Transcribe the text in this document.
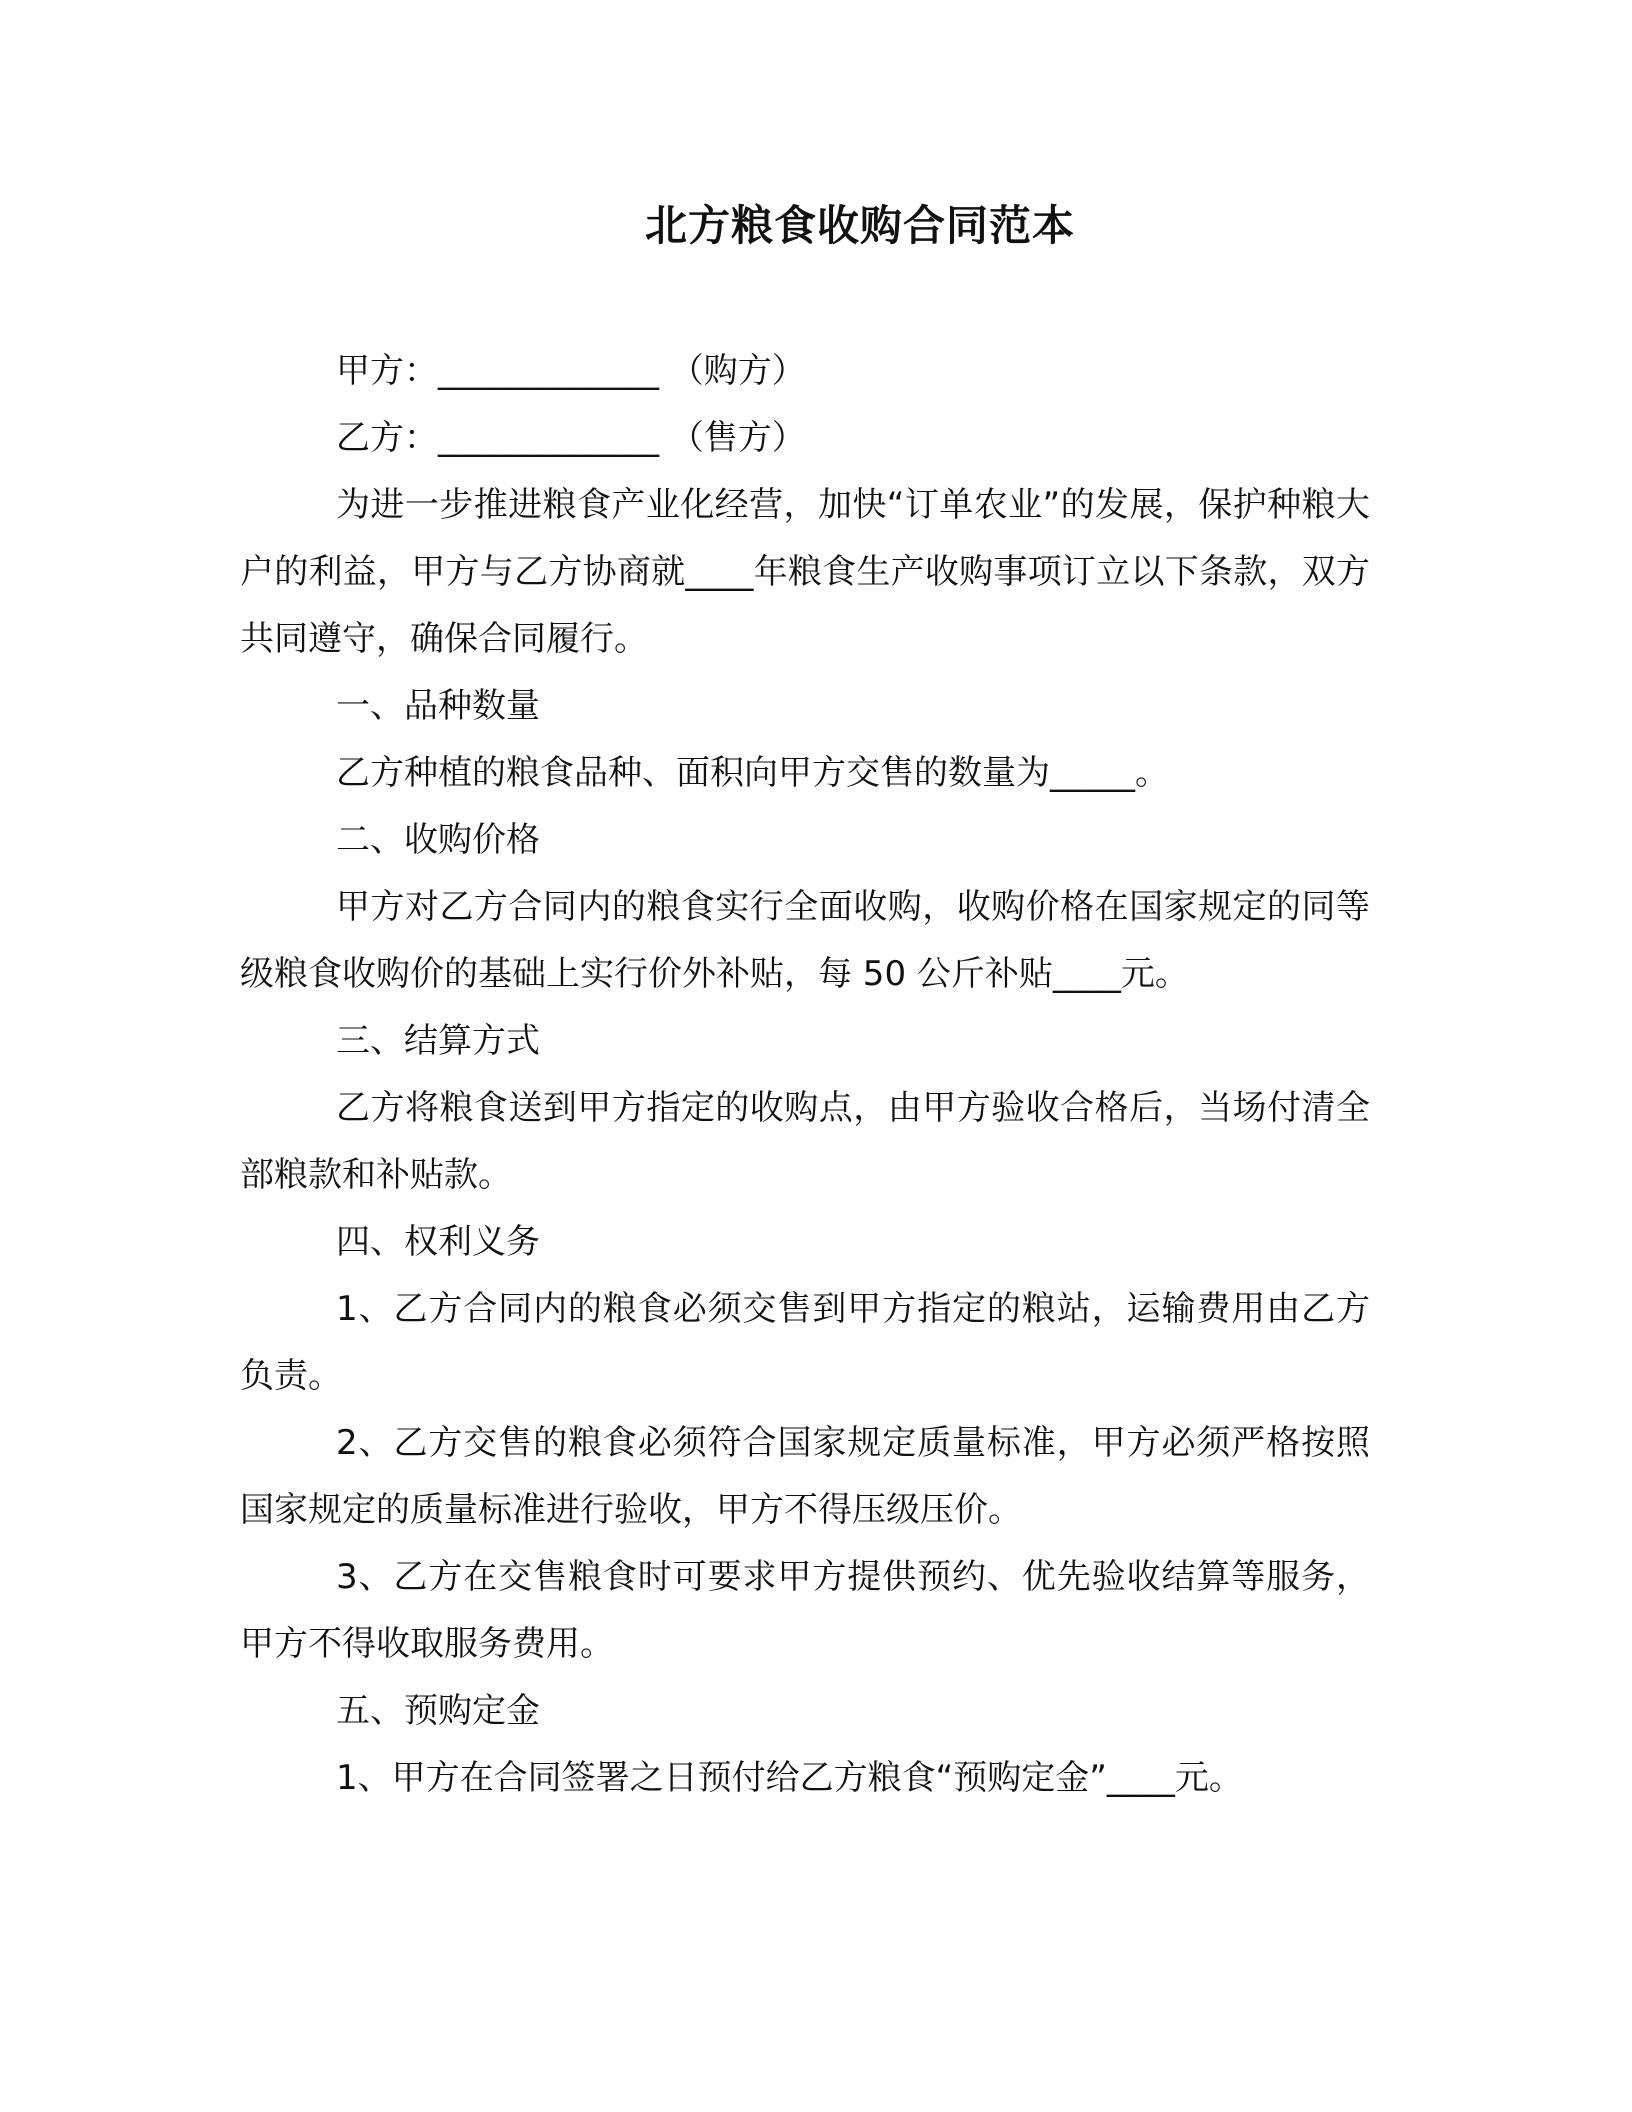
北方粮食收购合同范本

甲方：_____________ （购方）

乙方：_____________ （售方）

为进一步推进粮食产业化经营，加快“订单农业”的发展，保护种粮大户的利益，甲方与乙方协商就____年粮食生产收购事项订立以下条款，双方共同遵守，确保合同履行。

一、品种数量

乙方种植的粮食品种、面积向甲方交售的数量为_____。

二、收购价格

甲方对乙方合同内的粮食实行全面收购，收购价格在国家规定的同等级粮食收购价的基础上实行价外补贴，每 50 公斤补贴____元。

三、结算方式

乙方将粮食送到甲方指定的收购点，由甲方验收合格后，当场付清全部粮款和补贴款。

四、权利义务

1、乙方合同内的粮食必须交售到甲方指定的粮站，运输费用由乙方负责。

2、乙方交售的粮食必须符合国家规定质量标准，甲方必须严格按照国家规定的质量标准进行验收，甲方不得压级压价。

3、乙方在交售粮食时可要求甲方提供预约、优先验收结算等服务，甲方不得收取服务费用。

五、预购定金

1、甲方在合同签署之日预付给乙方粮食“预购定金”____元。
